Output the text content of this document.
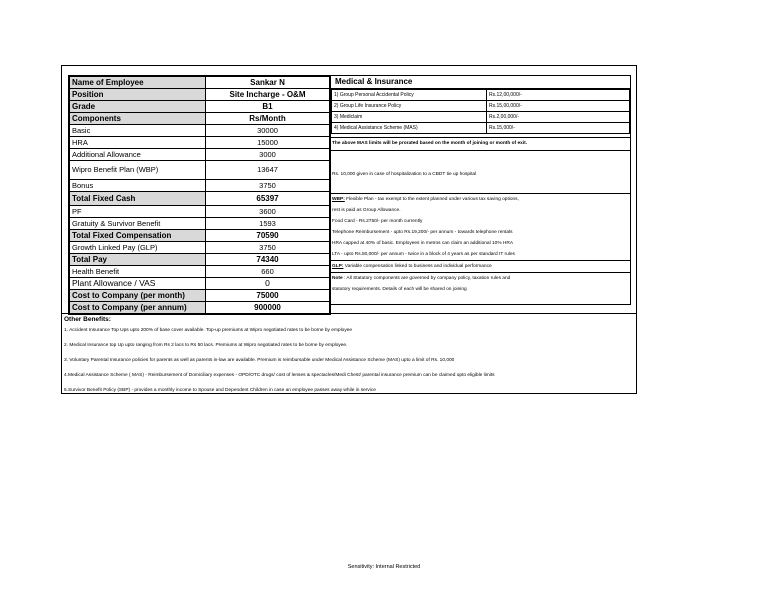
Name of Employee	Sankar N
Position	Site Incharge - O&M
Grade	B1
Components	Rs/Month
Basic	30000
HRA	15000
Additional Allowance	3000
Wipro Benefit Plan (WBP)	13647
Bonus	3750
Total Fixed Cash	65397
PF	3600
Gratuity & Survivor Benefit	1593
Total Fixed Compensation	70590
Growth Linked Pay (GLP)	3750
Total Pay	74340
Health Benefit	660
Plant Allowance / VAS	0
Cost to Company (per month)	75000
Cost to Company (per annum)	900000
Medical & Insurance
1) Group Personal Accidental Policy	Rs.12,00,000/-
2) Group Life Insurance Policy	Rs.15,00,000/-
3) Mediclaim	Rs.2,00,000/-
4) Medical Assistance Scheme (MAS)	Rs.15,000/-
The above MAS limits will be prorated based on the month of joining or month of exit.
Rs. 10,000 given in case of hospitalization to a CBDT tie up hospital
WBP: Flexible Plan - tax exempt to the extent planned under various tax saving options,
rest is paid as Group Allowance.
Food Card - Rs.2750/- per month currently
Telephone Reimbursement - upto Rs.19,200/- per annum - towards telephone rentals
HRA capped at 40% of basic. Employees in metros can claim an additional 10% HRA
LTA - upto Rs.50,000/- per annum - twice in a block of 4 years as per standard IT rules
GLP: Variable compensation linked to business and individual performance
Note : All Statutory components are governed by company policy, taxation rules and
statutory requirements. Details of each will be shared on joining
Other Benefits:
1. Accident Insurance Top Ups upto 200% of base cover available. Top-up premiums at Wipro negotiated rates to be borne by employee
2. Medical Insurance top Up upto ranging from Rs 2 lacs to Rs 50 lacs. Premiums at Wipro negotiated rates to be borne by employee.
3. Voluntary Parental Insurance policies for parents as well as parents in-law are available. Premium is reimbursable under Medical Assistance Scheme (MAS) upto a limit of Rs. 10,000
4.Medical Assistance Scheme ( MAS) - Reimbursement of Domiciliary expenses - OPD/OTC drugs/ cost of lenses & spectacles/Medi Chest/ parental insurance premium can be claimed upto eligible limits
5.Survivor Benefit Policy (SBP) - provides a monthly income to Spouse and Dependent Children in case an employee passes away while in service
Sensitivity: Internal Restricted
